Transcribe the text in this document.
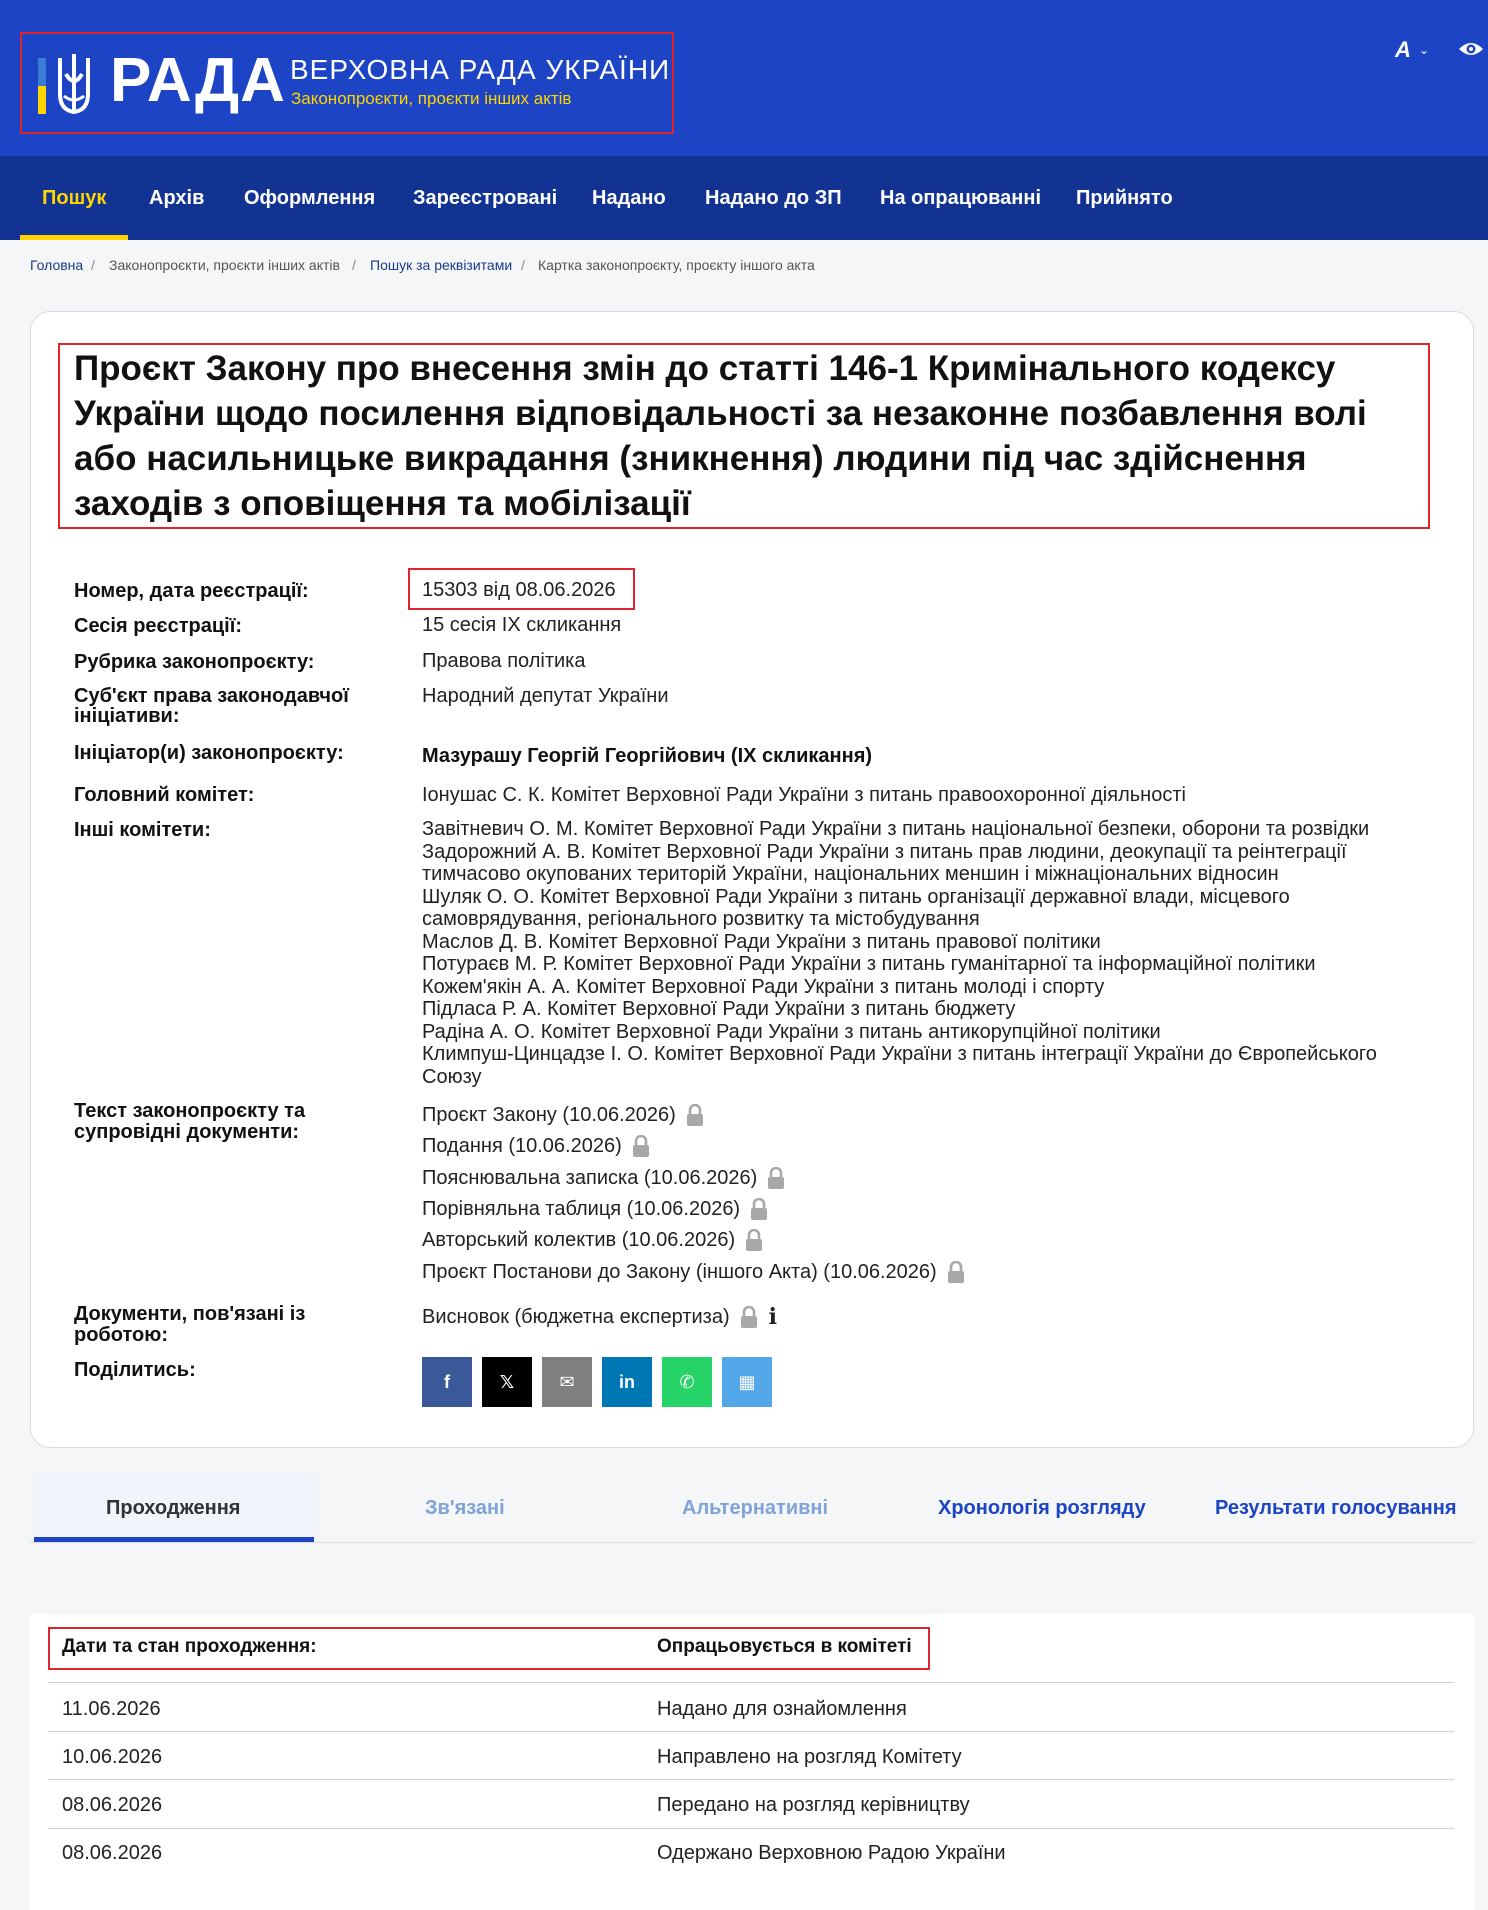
РАДА ВЕРХОВНА РАДА УКРАЇНИ
Законопроєкти, проєкти інших актів
A ⌄
Пошук Архів Оформлення Зареєстровані Надано Надано до ЗП На опрацюванні Прийнято
Головна / Законопроєкти, проєкти інших актів / Пошук за реквізитами / Картка законопроєкту, проєкту іншого акта
Проєкт Закону про внесення змін до статті 146-1 Кримінального кодексу України щодо посилення відповідальності за незаконне позбавлення волі або насильницьке викрадання (зникнення) людини під час здійснення заходів з оповіщення та мобілізації
Номер, дата реєстрації:	15303 від 08.06.2026
Сесія реєстрації:	15 сесія IX скликання
Рубрика законопроєкту:	Правова політика
Суб'єкт права законодавчої ініціативи:
Народний депутат України
Ініціатор(и) законопроєкту:	Мазурашу Георгій Георгійович (IX скликання)
Головний комітет:	Іонушас С. К. Комітет Верховної Ради України з питань правоохоронної діяльності
Інші комітети:	Завітневич О. М. Комітет Верховної Ради України з питань національної безпеки, оборони та розвідки
Задорожний А. В. Комітет Верховної Ради України з питань прав людини, деокупації та реінтеграції тимчасово окупованих територій України, національних меншин і міжнаціональних відносин
Шуляк О. О. Комітет Верховної Ради України з питань організації державної влади, місцевого самоврядування, регіонального розвитку та містобудування
Маслов Д. В. Комітет Верховної Ради України з питань правової політики
Потураєв М. Р. Комітет Верховної Ради України з питань гуманітарної та інформаційної політики
Кожем'якін А. А. Комітет Верховної Ради України з питань молоді і спорту
Підласа Р. А. Комітет Верховної Ради України з питань бюджету
Радіна А. О. Комітет Верховної Ради України з питань антикорупційної політики
Климпуш-Цинцадзе І. О. Комітет Верховної Ради України з питань інтеграції України до Європейського Союзу
Текст законопроєкту та супровідні документи:
Проєкт Закону (10.06.2026)
Подання (10.06.2026)
Пояснювальна записка (10.06.2026)
Порівняльна таблиця (10.06.2026)
Авторський колектив (10.06.2026)
Проєкт Постанови до Закону (іншого Акта) (10.06.2026)
Документи, пов'язані із роботою:
Висновок (бюджетна експертиза) i
Поділитись:
f	𝕏	✉ in ✆ ▦
Проходження	Зв'язані	Альтернативні	Хронологія розгляду	Результати голосування
Дати та стан проходження:	Опрацьовується в комітеті
11.06.2026	Надано для ознайомлення
10.06.2026	Направлено на розгляд Комітету
08.06.2026	Передано на розгляд керівництву
08.06.2026	Одержано Верховною Радою України
